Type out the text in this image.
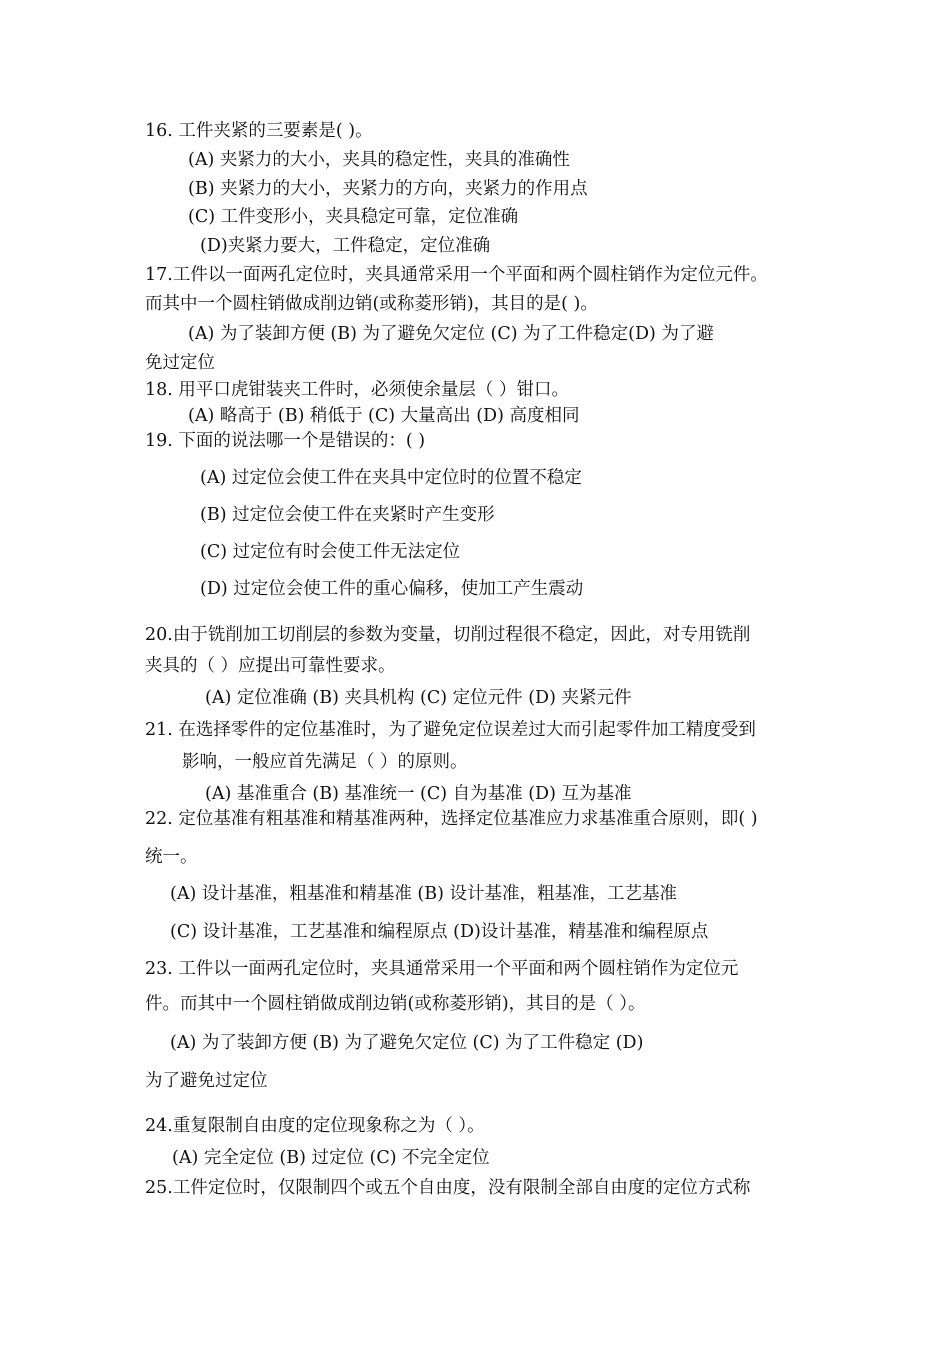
16. 工件夹紧的三要素是( )。
(A) 夹紧力的大小，夹具的稳定性，夹具的准确性
(B) 夹紧力的大小，夹紧力的方向，夹紧力的作用点
(C) 工件变形小，夹具稳定可靠，定位准确
(D)夹紧力要大，工件稳定，定位准确
17.工件以一面两孔定位时，夹具通常采用一个平面和两个圆柱销作为定位元件。
而其中一个圆柱销做成削边销(或称菱形销)，其目的是( )。
(A) 为了装卸方便 (B) 为了避免欠定位 (C) 为了工件稳定(D) 为了避
免过定位
18. 用平口虎钳装夹工件时，必须使余量层（ ）钳口。
(A) 略高于 (B) 稍低于 (C) 大量高出 (D) 高度相同
19. 下面的说法哪一个是错误的：( )
(A) 过定位会使工件在夹具中定位时的位置不稳定
(B) 过定位会使工件在夹紧时产生变形
(C) 过定位有时会使工件无法定位
(D) 过定位会使工件的重心偏移，使加工产生震动
20.由于铣削加工切削层的参数为变量，切削过程很不稳定，因此，对专用铣削
夹具的（ ）应提出可靠性要求。
(A) 定位准确 (B) 夹具机构 (C) 定位元件 (D) 夹紧元件
21. 在选择零件的定位基准时，为了避免定位误差过大而引起零件加工精度受到
影响，一般应首先满足（ ）的原则。
(A) 基准重合 (B) 基准统一 (C) 自为基准 (D) 互为基准
22. 定位基准有粗基准和精基准两种，选择定位基准应力求基准重合原则，即( )
统一。
(A) 设计基准，粗基准和精基准 (B) 设计基准，粗基准，工艺基准
(C) 设计基准，工艺基准和编程原点 (D)设计基准，精基准和编程原点
23. 工件以一面两孔定位时，夹具通常采用一个平面和两个圆柱销作为定位元
件。而其中一个圆柱销做成削边销(或称菱形销)，其目的是（ ）。
(A) 为了装卸方便 (B) 为了避免欠定位 (C) 为了工件稳定 (D)
为了避免过定位
24.重复限制自由度的定位现象称之为（ ）。
(A) 完全定位 (B) 过定位 (C) 不完全定位
25.工件定位时，仅限制四个或五个自由度，没有限制全部自由度的定位方式称
